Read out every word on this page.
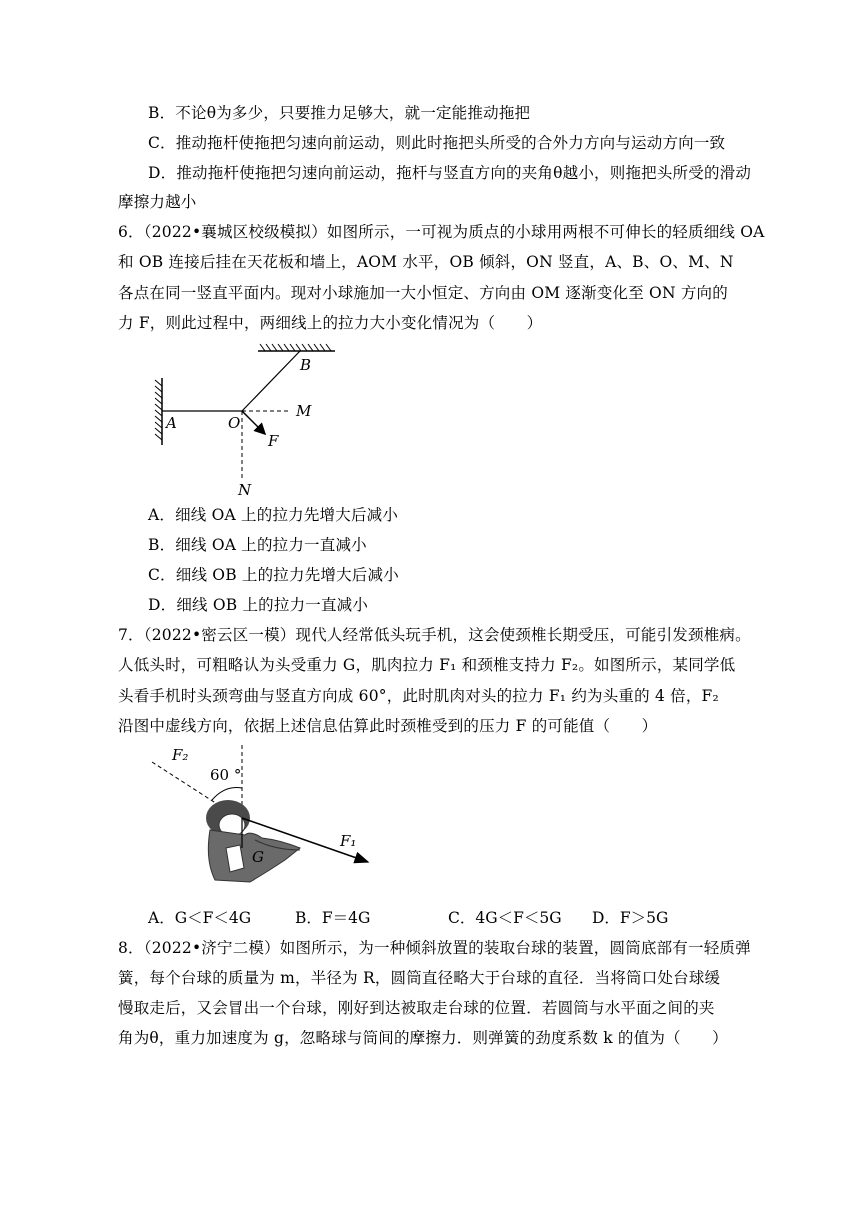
B．不论θ为多少，只要推力足够大，就一定能推动拖把
C．推动拖杆使拖把匀速向前运动，则此时拖把头所受的合外力方向与运动方向一致
D．推动拖杆使拖把匀速向前运动，拖杆与竖直方向的夹角θ越小，则拖把头所受的滑动
摩擦力越小
6．（2022•襄城区校级模拟）如图所示，一可视为质点的小球用两根不可伸长的轻质细线 OA
和 OB 连接后挂在天花板和墙上，AOM 水平，OB 倾斜，ON 竖直，A、B、O、M、N
各点在同一竖直平面内。现对小球施加一大小恒定、方向由 OM 逐渐变化至 ON 方向的
力 F，则此过程中，两细线上的拉力大小变化情况为（　　）
B
A	O
M
F
N
A．细线 OA 上的拉力先增大后减小
B．细线 OA 上的拉力一直减小
C．细线 OB 上的拉力先增大后减小
D．细线 OB 上的拉力一直减小
7．（2022•密云区一模）现代人经常低头玩手机，这会使颈椎长期受压，可能引发颈椎病。
人低头时，可粗略认为头受重力 G，肌肉拉力 F₁ 和颈椎支持力 F₂。如图所示，某同学低
头看手机时头颈弯曲与竖直方向成 60°，此时肌肉对头的拉力 F₁ 约为头重的 4 倍，F₂
沿图中虚线方向，依据上述信息估算此时颈椎受到的压力 F 的可能值（　　）
F₂
60 °
F₁
G
A．G＜F＜4G	B．F＝4G	C．4G＜F＜5G D．F＞5G
8．（2022•济宁二模）如图所示，为一种倾斜放置的装取台球的装置，圆筒底部有一轻质弹
簧，每个台球的质量为 m，半径为 R，圆筒直径略大于台球的直径．当将筒口处台球缓
慢取走后，又会冒出一个台球，刚好到达被取走台球的位置．若圆筒与水平面之间的夹
角为θ，重力加速度为 g，忽略球与筒间的摩擦力．则弹簧的劲度系数 k 的值为（　　）
